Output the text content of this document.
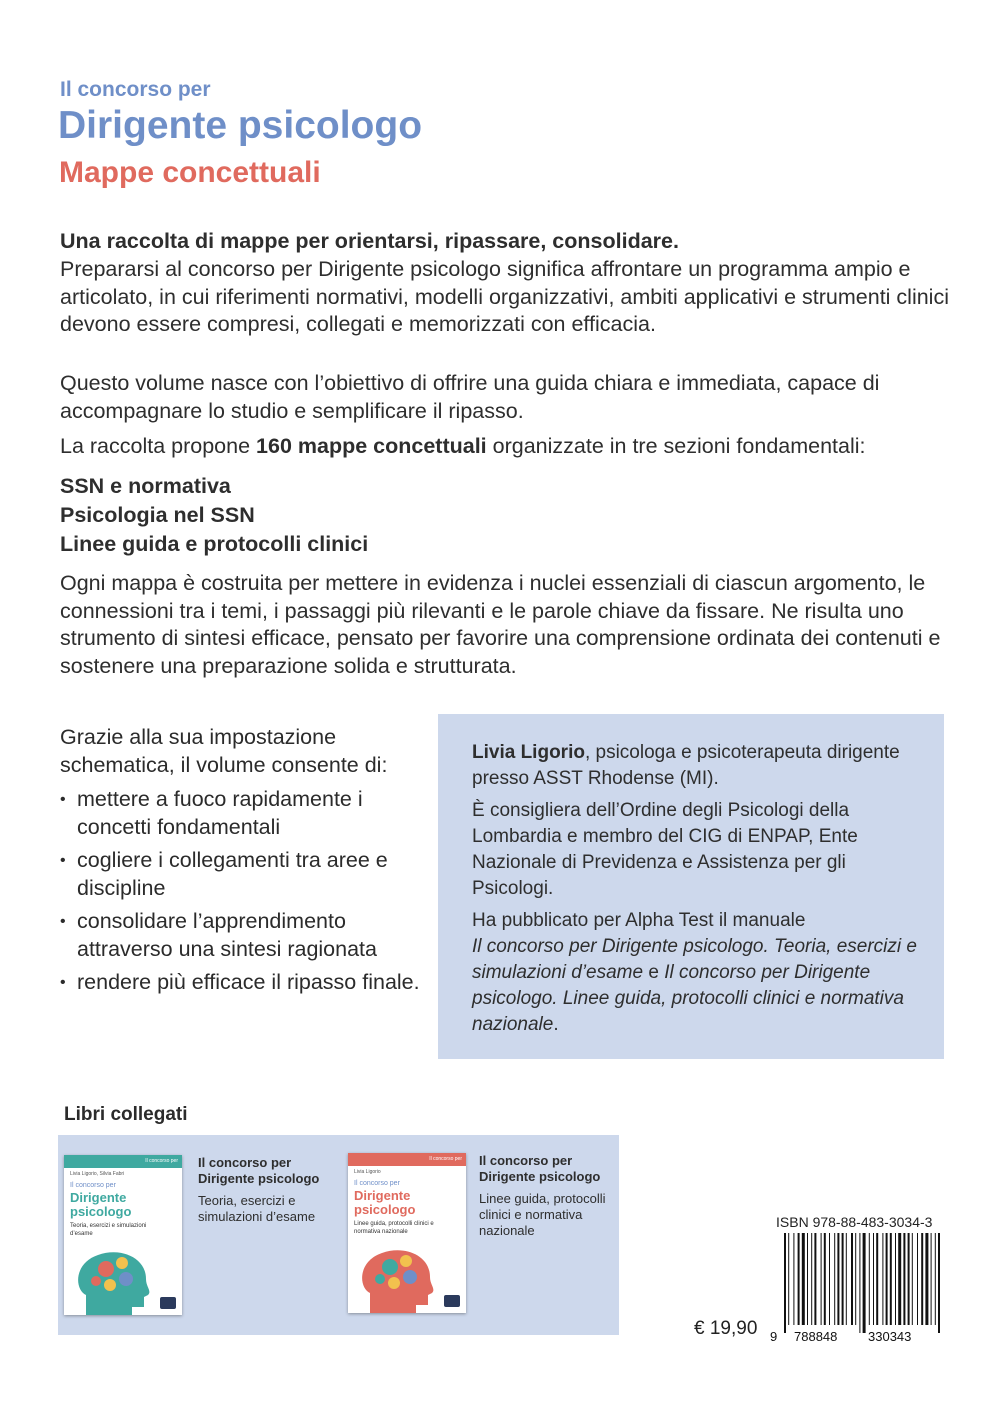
Il concorso per
Dirigente psicologo
Mappe concettuali
Una raccolta di mappe per orientarsi, ripassare, consolidare.
Prepararsi al concorso per Dirigente psicologo significa affrontare un programma ampio e articolato, in cui riferimenti normativi, modelli organizzativi, ambiti applicativi e strumenti clinici devono essere compresi, collegati e memorizzati con efficacia.
Questo volume nasce con l’obiettivo di offrire una guida chiara e immediata, capace di accompagnare lo studio e semplificare il ripasso.
La raccolta propone 160 mappe concettuali organizzate in tre sezioni fondamentali:
SSN e normativa
Psicologia nel SSN
Linee guida e protocolli clinici
Ogni mappa è costruita per mettere in evidenza i nuclei essenziali di ciascun argomento, le connessioni tra i temi, i passaggi più rilevanti e le parole chiave da fissare. Ne risulta uno strumento di sintesi efficace, pensato per favorire una comprensione ordinata dei contenuti e sostenere una preparazione solida e strutturata.
Grazie alla sua impostazione schematica, il volume consente di:
• mettere a fuoco rapidamente i concetti fondamentali
• cogliere i collegamenti tra aree e discipline
• consolidare l’apprendimento attraverso una sintesi ragionata
• rendere più efficace il ripasso finale.

Livia Ligorio, psicologa e psicoterapeuta dirigente presso ASST Rhodense (MI).

È consigliera dell’Ordine degli Psicologi della Lombardia e membro del CIG di ENPAP, Ente Nazionale di Previdenza e Assistenza per gli Psicologi.

Ha pubblicato per Alpha Test il manuale
Il concorso per Dirigente psicologo. Teoria, esercizi e simulazioni d’esame e Il concorso per Dirigente psicologo. Linee guida, protocolli clinici e normativa nazionale.

Libri collegati
Il concorso per
Livia Ligorio, Silvia Fabri
Il concorso per
Dirigente
psicologo
Teoria, esercizi e simulazioni d’esame
Il concorso per
Dirigente psicologo
Teoria, esercizi e simulazioni d’esame
Il concorso per
Livia Ligorio
Il concorso per
Dirigente
psicologo
Linee guida, protocolli clinici e normativa nazionale
Il concorso per
Dirigente psicologo
Linee guida, protocolli clinici e normativa nazionale
ISBN 978-88-483-3034-3
9 788848 330343
€ 19,90
